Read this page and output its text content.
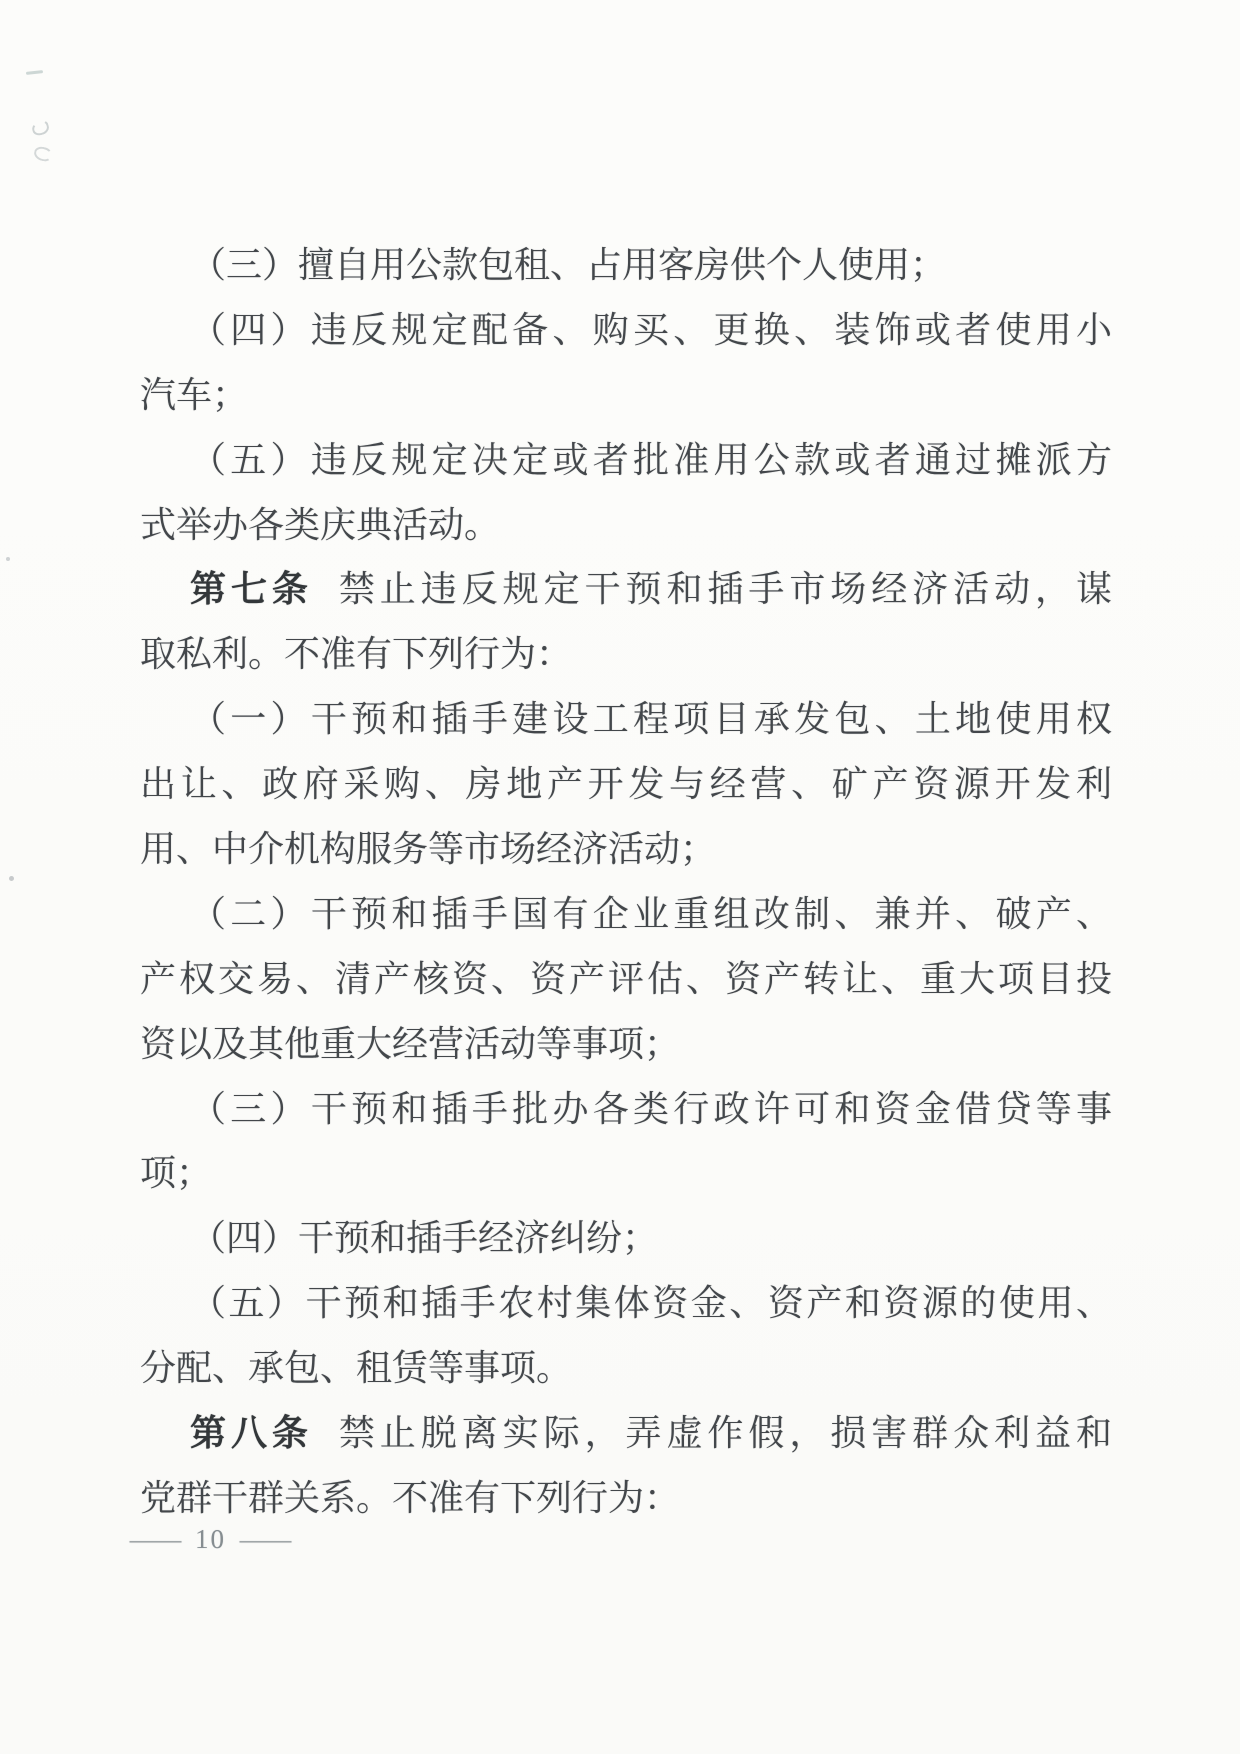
（三）擅自用公款包租、占用客房供个人使用；
（四）违反规定配备、购买、更换、装饰或者使用小
汽车；
（五）违反规定决定或者批准用公款或者通过摊派方
式举办各类庆典活动。
第七条 禁止违反规定干预和插手市场经济活动，谋
取私利。不准有下列行为：
（一）干预和插手建设工程项目承发包、土地使用权
出让、政府采购、房地产开发与经营、矿产资源开发利
用、中介机构服务等市场经济活动；
（二）干预和插手国有企业重组改制、兼并、破产、
产权交易、清产核资、资产评估、资产转让、重大项目投
资以及其他重大经营活动等事项；
（三）干预和插手批办各类行政许可和资金借贷等事
项；
（四）干预和插手经济纠纷；
（五）干预和插手农村集体资金、资产和资源的使用、
分配、承包、租赁等事项。
第八条 禁止脱离实际，弄虚作假，损害群众利益和
党群干群关系。不准有下列行为：
— 10 —
